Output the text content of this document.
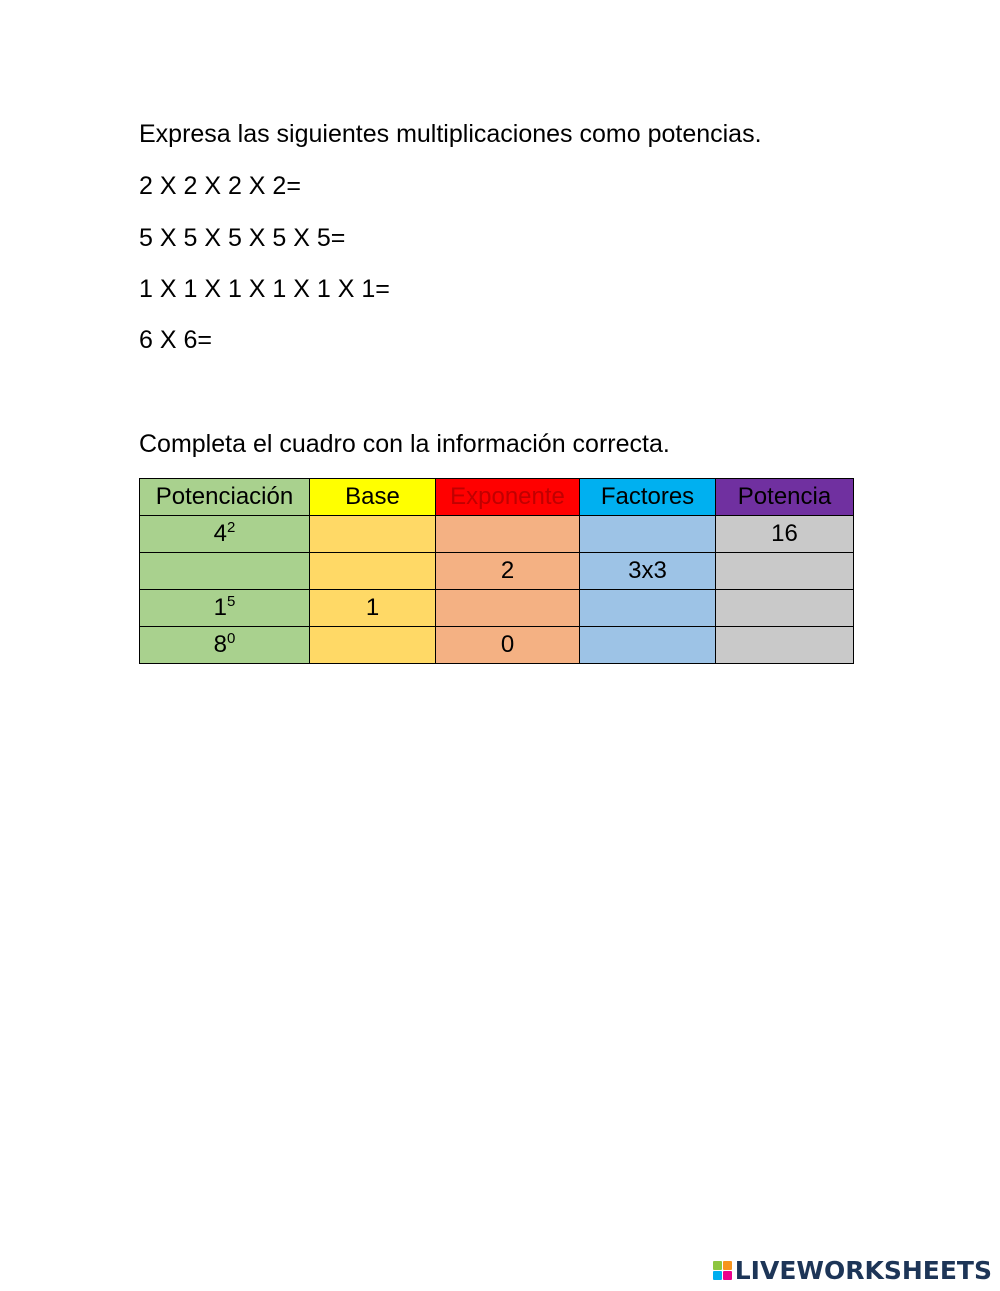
Expresa las siguientes multiplicaciones como potencias.
2 X 2 X 2 X 2=
5 X 5 X 5 X 5 X 5=
1 X 1 X 1 X 1 X 1 X 1=
6 X 6=
Completa el cuadro con la información correcta.
Potenciación	Base	Exponente	Factores	Potencia
$4^2$				16
		2	3x3	
$1^5$	1			
$8^0$		0		
LIVEWORKSHEETS
